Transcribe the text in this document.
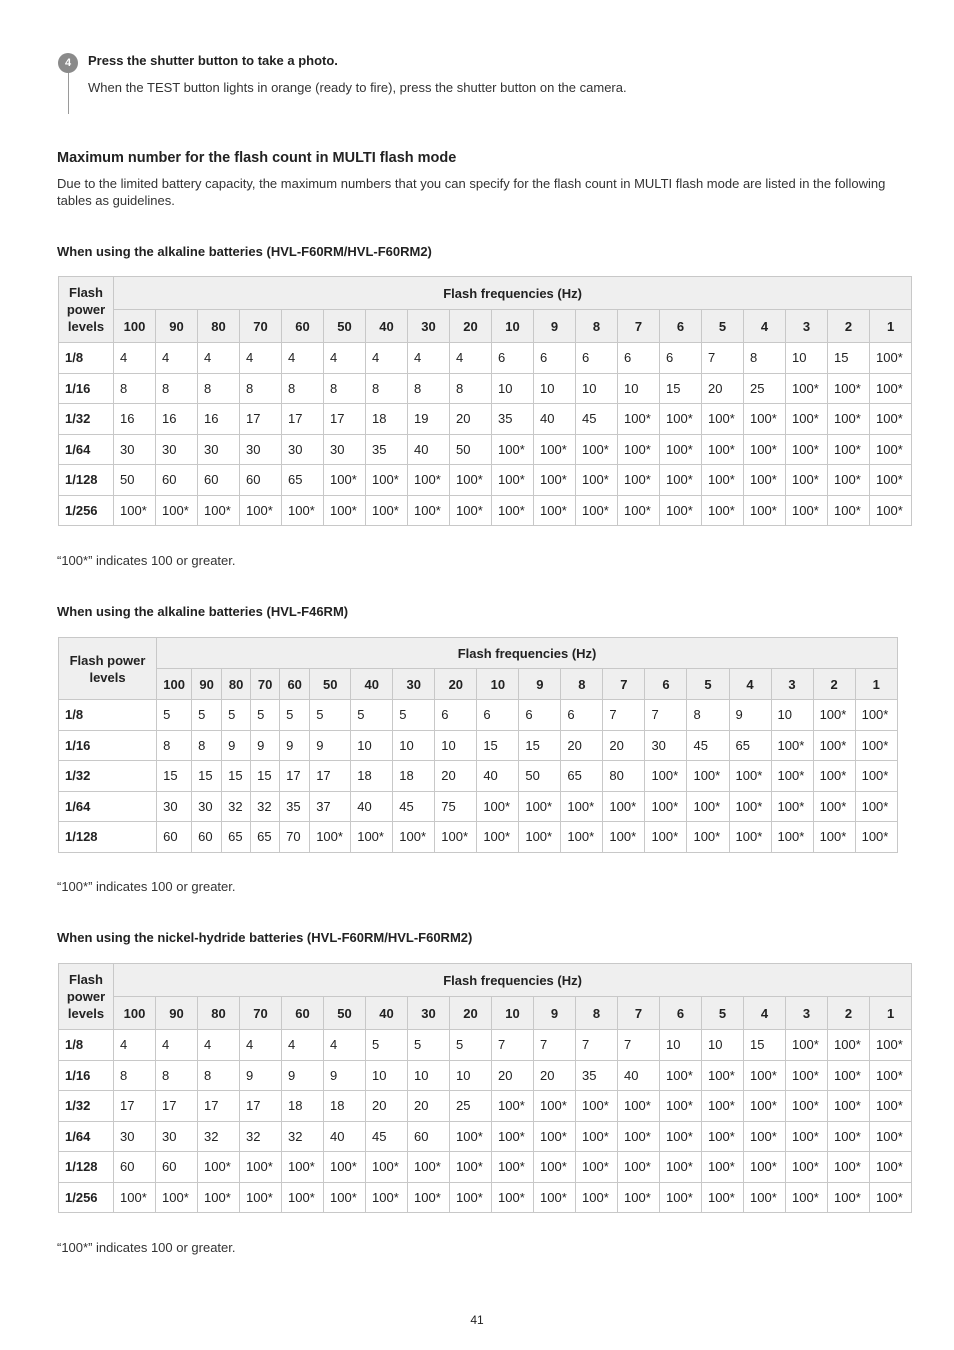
4	Press the shutter button to take a photo.
When the TEST button lights in orange (ready to fire), press the shutter button on the camera.
Maximum number for the flash count in MULTI flash mode
Due to the limited battery capacity, the maximum numbers that you can specify for the flash count in MULTI flash mode are listed in the following tables as guidelines.
When using the alkaline batteries (HVL-F60RM/HVL-F60RM2)
Flash power levels	Flash frequencies (Hz)																		
	100	90	80	70	60	50	40	30	20	10	9	8	7	6	5	4	3	2	1
1/8	4	4	4	4	4	4	4	4	4	6	6	6	6	6	7	8	10	15	100*
1/16	8	8	8	8	8	8	8	8	8	10	10	10	10	15	20	25	100*	100*	100*
1/32	16	16	16	17	17	17	18	19	20	35	40	45	100*	100*	100*	100*	100*	100*	100*
1/64	30	30	30	30	30	30	35	40	50	100*	100*	100*	100*	100*	100*	100*	100*	100*	100*
1/128	50	60	60	60	65	100*	100*	100*	100*	100*	100*	100*	100*	100*	100*	100*	100*	100*	100*
1/256	100*	100*	100*	100*	100*	100*	100*	100*	100*	100*	100*	100*	100*	100*	100*	100*	100*	100*	100*
“100*” indicates 100 or greater.
When using the alkaline batteries (HVL-F46RM)
Flash power levels	Flash frequencies (Hz)																		
	100	90	80	70	60	50	40	30	20	10	9	8	7	6	5	4	3	2	1
1/8	5	5	5	5	5	5	5	5	6	6	6	6	7	7	8	9	10	100*	100*
1/16	8	8	9	9	9	9	10	10	10	15	15	20	20	30	45	65	100*	100*	100*
1/32	15	15	15	15	17	17	18	18	20	40	50	65	80	100*	100*	100*	100*	100*	100*
1/64	30	30	32	32	35	37	40	45	75	100*	100*	100*	100*	100*	100*	100*	100*	100*	100*
1/128	60	60	65	65	70	100*	100*	100*	100*	100*	100*	100*	100*	100*	100*	100*	100*	100*	100*
“100*” indicates 100 or greater.
When using the nickel-hydride batteries (HVL-F60RM/HVL-F60RM2)
Flash power levels	Flash frequencies (Hz)																		
	100	90	80	70	60	50	40	30	20	10	9	8	7	6	5	4	3	2	1
1/8	4	4	4	4	4	4	5	5	5	7	7	7	7	10	10	15	100*	100*	100*
1/16	8	8	8	9	9	9	10	10	10	20	20	35	40	100*	100*	100*	100*	100*	100*
1/32	17	17	17	17	18	18	20	20	25	100*	100*	100*	100*	100*	100*	100*	100*	100*	100*
1/64	30	30	32	32	32	40	45	60	100*	100*	100*	100*	100*	100*	100*	100*	100*	100*	100*
1/128	60	60	100*	100*	100*	100*	100*	100*	100*	100*	100*	100*	100*	100*	100*	100*	100*	100*	100*
1/256	100*	100*	100*	100*	100*	100*	100*	100*	100*	100*	100*	100*	100*	100*	100*	100*	100*	100*	100*
“100*” indicates 100 or greater.
41
